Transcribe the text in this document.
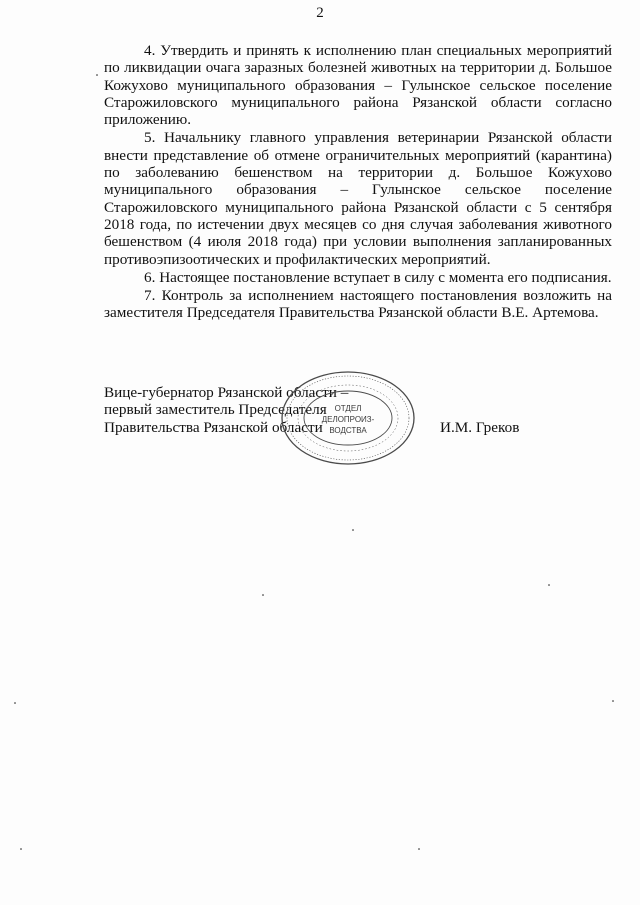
2

4. Утвердить и принять к исполнению план специальных мероприятий по ликвидации очага заразных болезней животных на территории д. Большое Кожухово муниципального образования – Гулынское сельское поселение Старожиловского муниципального района Рязанской области согласно приложению.

5. Начальнику главного управления ветеринарии Рязанской области внести представление об отмене ограничительных мероприятий (карантина) по заболеванию бешенством на территории д. Большое Кожухово муниципального образования – Гулынское сельское поселение Старожиловского муниципального района Рязанской области с 5 сентября 2018 года, по истечении двух месяцев со дня случая заболевания животного бешенством (4 июля 2018 года) при условии выполнения запланированных противоэпизоотических и профилактических мероприятий.

6. Настоящее постановление вступает в силу с момента его подписания.

7. Контроль за исполнением настоящего постановления возложить на заместителя Председателя Правительства Рязанской области В.Е. Артемова.

Вице-губернатор Рязанской области –
первый заместитель Председателя
Правительства Рязанской области	И.М. Греков
ОТДЕЛ
ДЕЛОПРОИЗ-
ВОДСТВА
